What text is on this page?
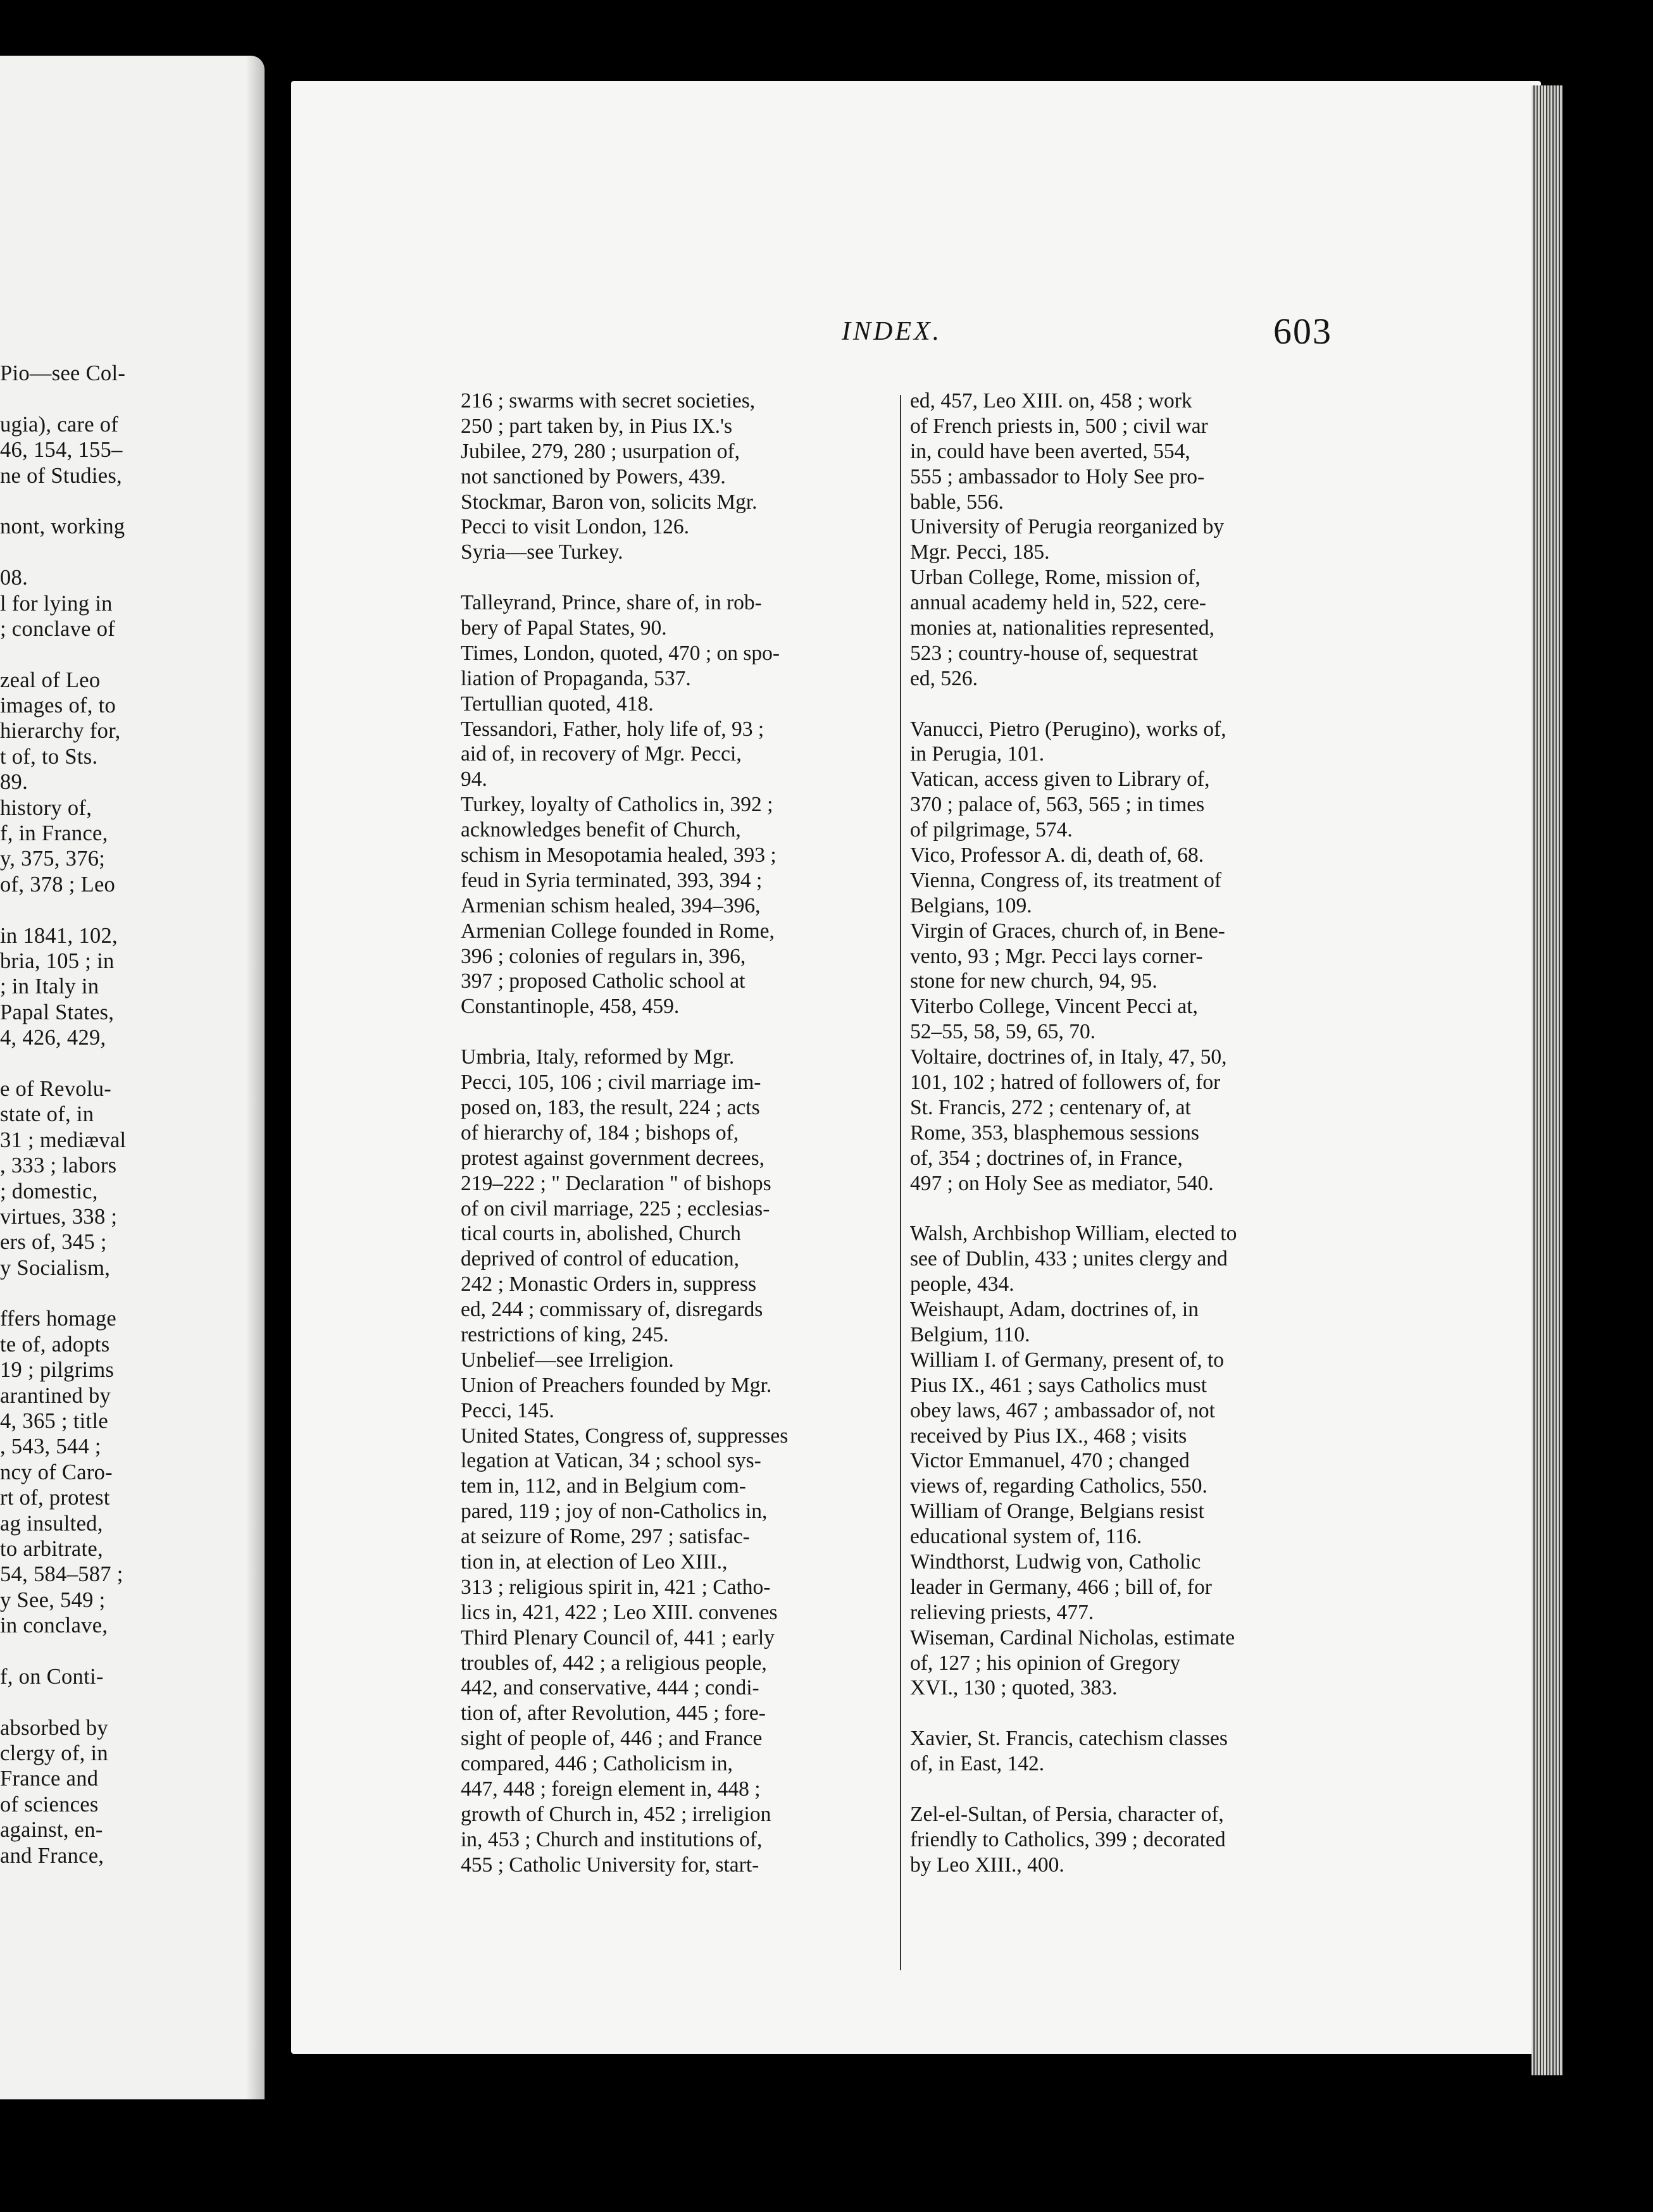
Pio—see Col-
ugia), care of
46, 154, 155–
ne of Studies,
nont, working
08.
l for lying in
; conclave of
zeal of Leo
images of, to
hierarchy for,
t of, to Sts.
89.
history of,
f, in France,
y, 375, 376;
of, 378 ; Leo
in 1841, 102,
bria, 105 ; in
; in Italy in
Papal States,
4, 426, 429,
e of Revolu-
state of, in
31 ; mediæval
, 333 ; labors
; domestic,
virtues, 338 ;
ers of, 345 ;
y Socialism,
ffers homage
te of, adopts
19 ; pilgrims
arantined by
4, 365 ; title
, 543, 544 ;
ncy of Caro-
rt of, protest
ag insulted,
to arbitrate,
54, 584–587 ;
y See, 549 ;
in conclave,
f, on Conti-
absorbed by
clergy of, in
France and
of sciences
against, en-
and France,
INDEX.	603
216 ; swarms with secret societies,
250 ; part taken by, in Pius IX.'s
Jubilee, 279, 280 ; usurpation of,
not sanctioned by Powers, 439.
Stockmar, Baron von, solicits Mgr.
Pecci to visit London, 126.
Syria—see Turkey.
Talleyrand, Prince, share of, in rob-
bery of Papal States, 90.
Times, London, quoted, 470 ; on spo-
liation of Propaganda, 537.
Tertullian quoted, 418.
Tessandori, Father, holy life of, 93 ;
aid of, in recovery of Mgr. Pecci,
94.
Turkey, loyalty of Catholics in, 392 ;
acknowledges benefit of Church,
schism in Mesopotamia healed, 393 ;
feud in Syria terminated, 393, 394 ;
Armenian schism healed, 394–396,
Armenian College founded in Rome,
396 ; colonies of regulars in, 396,
397 ; proposed Catholic school at
Constantinople, 458, 459.
Umbria, Italy, reformed by Mgr.
Pecci, 105, 106 ; civil marriage im-
posed on, 183, the result, 224 ; acts
of hierarchy of, 184 ; bishops of,
protest against government decrees,
219–222 ; " Declaration " of bishops
of on civil marriage, 225 ; ecclesias-
tical courts in, abolished, Church
deprived of control of education,
242 ; Monastic Orders in, suppress
ed, 244 ; commissary of, disregards
restrictions of king, 245.
Unbelief—see Irreligion.
Union of Preachers founded by Mgr.
Pecci, 145.
United States, Congress of, suppresses
legation at Vatican, 34 ; school sys-
tem in, 112, and in Belgium com-
pared, 119 ; joy of non-Catholics in,
at seizure of Rome, 297 ; satisfac-
tion in, at election of Leo XIII.,
313 ; religious spirit in, 421 ; Catho-
lics in, 421, 422 ; Leo XIII. convenes
Third Plenary Council of, 441 ; early
troubles of, 442 ; a religious people,
442, and conservative, 444 ; condi-
tion of, after Revolution, 445 ; fore-
sight of people of, 446 ; and France
compared, 446 ; Catholicism in,
447, 448 ; foreign element in, 448 ;
growth of Church in, 452 ; irreligion
in, 453 ; Church and institutions of,
455 ; Catholic University for, start-
ed, 457, Leo XIII. on, 458 ; work
of French priests in, 500 ; civil war
in, could have been averted, 554,
555 ; ambassador to Holy See pro-
bable, 556.
University of Perugia reorganized by
Mgr. Pecci, 185.
Urban College, Rome, mission of,
annual academy held in, 522, cere-
monies at, nationalities represented,
523 ; country-house of, sequestrat
ed, 526.
Vanucci, Pietro (Perugino), works of,
in Perugia, 101.
Vatican, access given to Library of,
370 ; palace of, 563, 565 ; in times
of pilgrimage, 574.
Vico, Professor A. di, death of, 68.
Vienna, Congress of, its treatment of
Belgians, 109.
Virgin of Graces, church of, in Bene-
vento, 93 ; Mgr. Pecci lays corner-
stone for new church, 94, 95.
Viterbo College, Vincent Pecci at,
52–55, 58, 59, 65, 70.
Voltaire, doctrines of, in Italy, 47, 50,
101, 102 ; hatred of followers of, for
St. Francis, 272 ; centenary of, at
Rome, 353, blasphemous sessions
of, 354 ; doctrines of, in France,
497 ; on Holy See as mediator, 540.
Walsh, Archbishop William, elected to
see of Dublin, 433 ; unites clergy and
people, 434.
Weishaupt, Adam, doctrines of, in
Belgium, 110.
William I. of Germany, present of, to
Pius IX., 461 ; says Catholics must
obey laws, 467 ; ambassador of, not
received by Pius IX., 468 ; visits
Victor Emmanuel, 470 ; changed
views of, regarding Catholics, 550.
William of Orange, Belgians resist
educational system of, 116.
Windthorst, Ludwig von, Catholic
leader in Germany, 466 ; bill of, for
relieving priests, 477.
Wiseman, Cardinal Nicholas, estimate
of, 127 ; his opinion of Gregory
XVI., 130 ; quoted, 383.
Xavier, St. Francis, catechism classes
of, in East, 142.
Zel-el-Sultan, of Persia, character of,
friendly to Catholics, 399 ; decorated
by Leo XIII., 400.
